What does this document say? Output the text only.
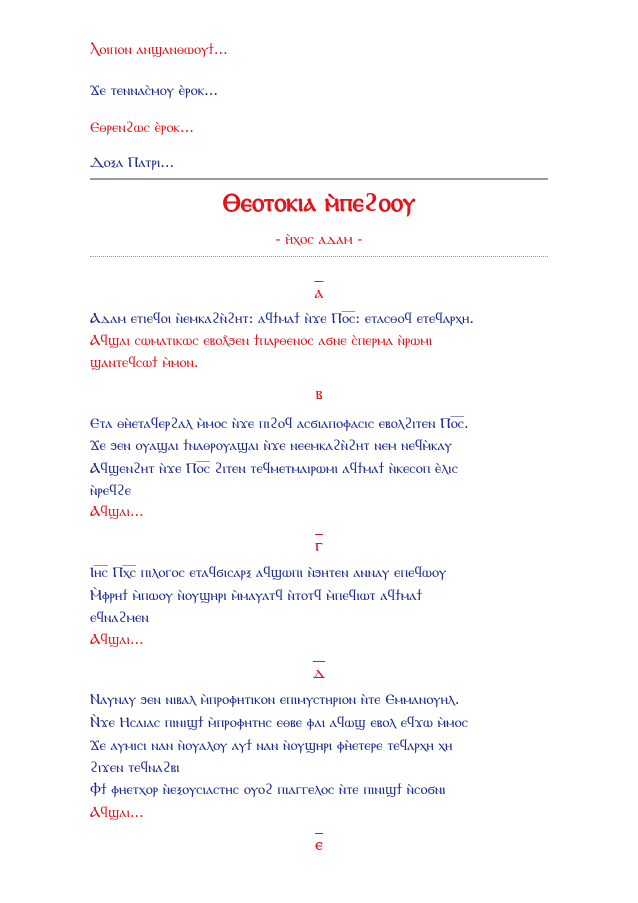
Ⲗⲟⲓⲡⲟⲛ ⲁⲛϣⲁⲛⲑⲱⲟⲩϯ...
Ϫⲉ ⲧⲉⲛⲛⲁⲥ̀ⲙⲟⲩ ⲉ̀ⲣⲟⲕ...
Ⲉⲑⲣⲉⲛϩⲱⲥ ⲉ̀ⲣⲟⲕ...
Ⲇⲟⲝⲁ Ⲡⲁⲧⲣⲓ...
Ⲑⲉⲟⲧⲟⲕⲓⲁ ⲙ̀ⲡⲉϩⲟⲟⲩ
- ⲏ̀ⲭⲟⲥ ⲁⲇⲁⲙ -
ⲁ
Ⲁⲇⲁⲙ ⲉⲧⲓⲉϥⲟⲓ ⲛ̀ⲉⲙⲕⲁϩⲛ̀ϩⲏⲧ: ⲁϥϯⲙⲁϯ ⲛ̀ϫⲉ Ⲡⲟ̅ⲥ̅: ⲉⲧⲁⲥⲑⲟϥ ⲉⲧⲉϥⲁⲣⲭⲏ.
Ⲁϥϣⲁⲓ ⲥⲱⲙⲁⲧⲓⲕⲱⲥ ⲉⲃⲟⲗ̀ϧⲉⲛ ϯⲡⲁⲣⲑⲉⲛⲟⲥ ⲁϭⲛⲉ ⲥ̀ⲡⲉⲣⲙⲁ ⲛ̀ⲣⲱⲙⲓ
ϣⲁⲛⲧⲉϥⲥⲱϯ ⲙ̀ⲙⲟⲛ.
ⲃ
Ⲉⲧⲁ ⲑⲏ̀ⲉⲧⲁϥⲉⲣϩⲁⲗ ⲙ̀ⲙⲟⲥ ⲛ̀ϫⲉ ⲡⲓϩⲟϥ ⲁⲥϭⲓⲁⲡⲟⲫⲁⲥⲓⲥ ⲉⲃⲟⲗϩⲓⲧⲉⲛ Ⲡⲟ̅ⲥ̅.
Ϫⲉ ϧⲉⲛ ⲟⲩⲁϣⲁⲓ ϯⲛⲁⲑⲣⲟⲩⲁϣⲁⲓ ⲛ̀ϫⲉ ⲛⲉⲉⲙⲕⲁϩⲛ̀ϩⲏⲧ ⲛⲉⲙ ⲛⲉϥⲙ̀ⲕⲁⲩ
Ⲁϥϣⲉⲛϩⲏⲧ ⲛ̀ϫⲉ Ⲡⲟ̅ⲥ̅ ϩⲓⲧⲉⲛ ⲧⲉϥⲙⲉⲧⲙⲁⲓⲣⲱⲙⲓ ⲁϥϯⲙⲁϯ ⲛ̀ⲕⲉⲥⲟⲡ ⲉ̀ⲗⲓⲥ
ⲛ̀ⲣⲉϥϩⲉ
Ⲁϥϣⲁⲓ...
ⲅ
Ⲓⲏ̅ⲥ̅ Ⲡⲭ̅ⲥ̅ ⲡⲓⲗⲟⲅⲟⲥ ⲉⲧⲁϥϭⲓⲥⲁⲣⲝ ⲁϥϣⲱⲡⲓ ⲛ̀ϧⲏⲧⲉⲛ ⲁⲛⲛⲁⲩ ⲉⲡⲉϥⲱⲟⲩ
Ⲙ̀ⲫⲣⲏϯ ⲙ̀ⲡⲱⲟⲩ ⲛ̀ⲟⲩϣⲏⲣⲓ ⲙ̀ⲙⲁⲩⲁⲧϥ ⲛ̀ⲧⲟⲧϥ ⲙ̀ⲡⲉϥⲓⲱⲧ ⲁϥϯⲙⲁϯ
ⲉϥⲛⲁϩⲙⲉⲛ
Ⲁϥϣⲁⲓ...
ⲇ
Ⲛⲁⲩⲛⲁⲩ ϧⲉⲛ ⲛⲓⲃⲁⲗ ⲙ̀ⲡⲣⲟⲫⲏⲧⲓⲕⲟⲛ ⲉⲡⲓⲙⲩⲥⲧⲏⲣⲓⲟⲛ ⲛ̀ⲧⲉ Ⲉⲙⲙⲁⲛⲟⲩⲏⲗ.
Ⲛ̀ϫⲉ Ⲏⲥⲁⲓⲁⲥ ⲡⲓⲛⲓϣϯ ⲙ̀ⲡⲣⲟⲫⲏⲧⲏⲥ ⲉⲑⲃⲉ ⲫⲁⲓ ⲁϥⲱϣ ⲉⲃⲟⲗ ⲉϥϫⲱ ⲙ̀ⲙⲟⲥ
Ϫⲉ ⲁⲩⲙⲓⲥⲓ ⲛⲁⲛ ⲛ̀ⲟⲩⲁⲗⲟⲩ ⲁⲩϯ ⲛⲁⲛ ⲛ̀ⲟⲩϣⲏⲣⲓ ⲫⲏ̀ⲉⲧⲉⲣⲉ ⲧⲉϥⲁⲣⲭⲏ ⲭⲏ
ϩⲓϫⲉⲛ ⲧⲉϥⲛⲁϩⲃⲓ
Ⲫϯ ⲫⲏⲉⲧⲭⲟⲣ ⲛ̀ⲉⲝⲟⲩⲥⲓⲁⲥⲧⲏⲥ ⲟⲩⲟϩ ⲡⲓⲁⲅⲅⲉⲗⲟⲥ ⲛ̀ⲧⲉ ⲡⲓⲛⲓϣϯ ⲛ̀ⲥⲟϭⲛⲓ
Ⲁϥϣⲁⲓ...
ⲉ
